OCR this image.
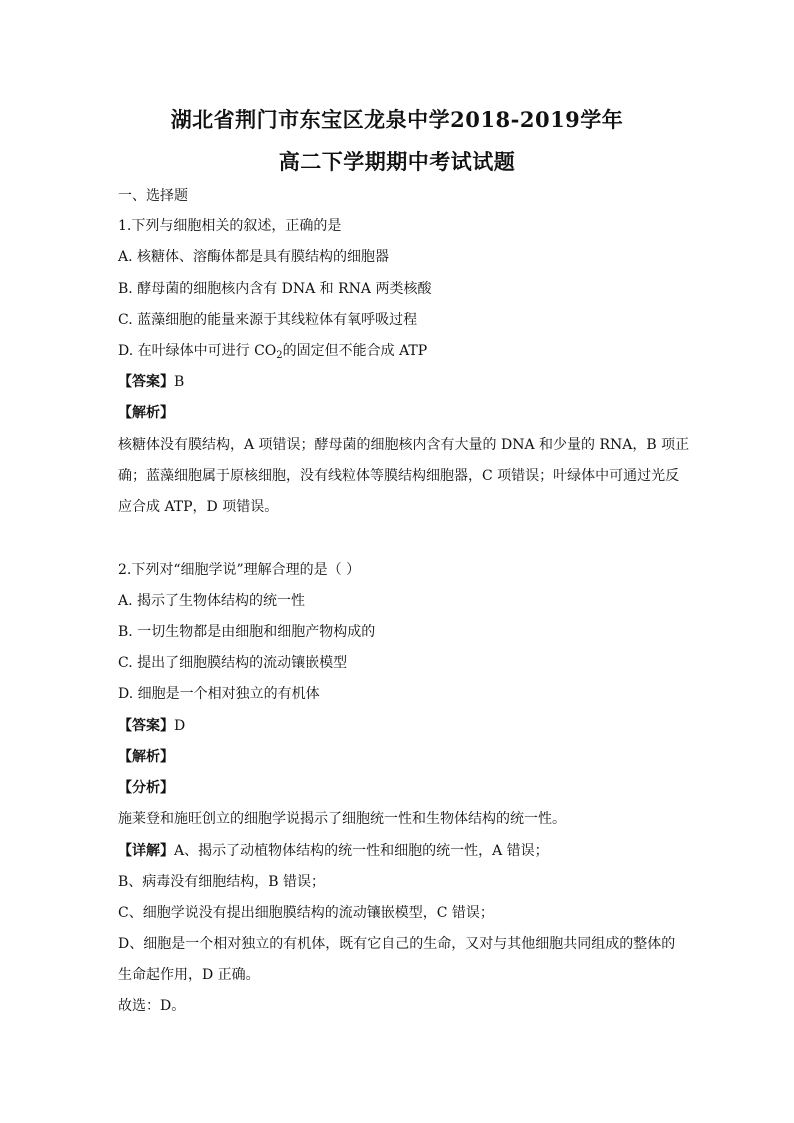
湖北省荆门市东宝区龙泉中学2018-2019学年
高二下学期期中考试试题
一、选择题
1.下列与细胞相关的叙述，正确的是
A. 核糖体、溶酶体都是具有膜结构的细胞器
B. 酵母菌的细胞核内含有 DNA 和 RNA 两类核酸
C. 蓝藻细胞的能量来源于其线粒体有氧呼吸过程
D. 在叶绿体中可进行 $CO_2$的固定但不能合成 ATP
【答案】B
【解析】
核糖体没有膜结构，A 项错误；酵母菌的细胞核内含有大量的 DNA 和少量的 RNA，B 项正
确；蓝藻细胞属于原核细胞，没有线粒体等膜结构细胞器，C 项错误；叶绿体中可通过光反
应合成 ATP，D 项错误。
2.下列对“细胞学说”理解合理的是（ ）
A. 揭示了生物体结构的统一性
B. 一切生物都是由细胞和细胞产物构成的
C. 提出了细胞膜结构的流动镶嵌模型
D. 细胞是一个相对独立的有机体
【答案】D
【解析】
【分析】
施莱登和施旺创立的细胞学说揭示了细胞统一性和生物体结构的统一性。
【详解】A、揭示了动植物体结构的统一性和细胞的统一性，A 错误；
B、病毒没有细胞结构，B 错误；
C、细胞学说没有提出细胞膜结构的流动镶嵌模型，C 错误；
D、细胞是一个相对独立的有机体，既有它自己的生命，又对与其他细胞共同组成的整体的
生命起作用，D 正确。
故选：D。
